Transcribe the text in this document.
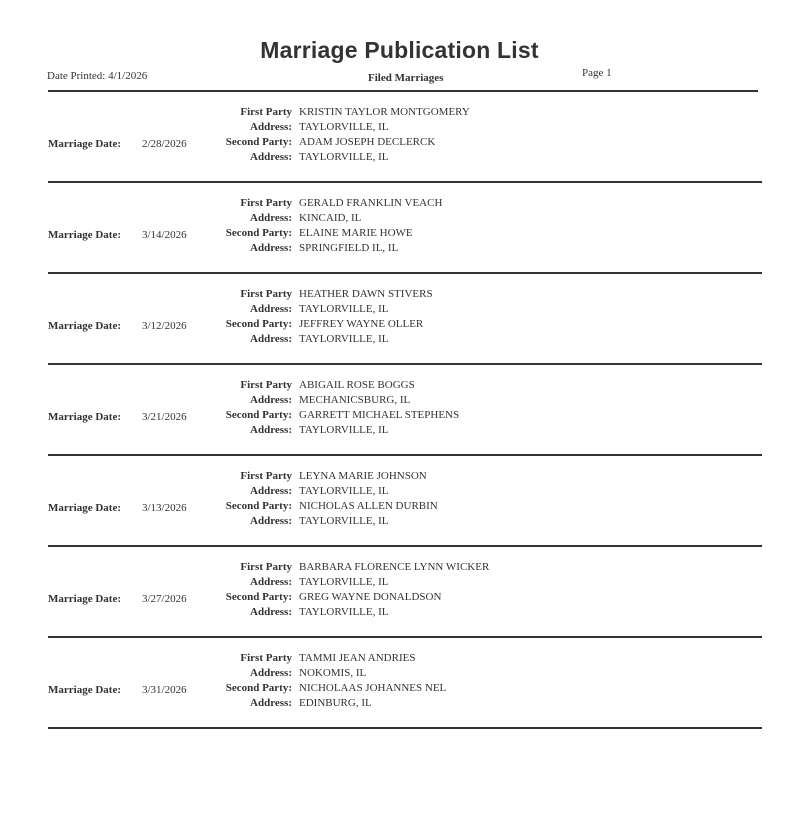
Marriage Publication List
Date Printed: 4/1/2026	Filed Marriages	Page 1
Marriage Date: 2/28/2026
First Party KRISTIN TAYLOR MONTGOMERY
Address: TAYLORVILLE, IL
Second Party: ADAM JOSEPH DECLERCK
Address: TAYLORVILLE, IL
Marriage Date: 3/14/2026
First Party GERALD FRANKLIN VEACH
Address: KINCAID, IL
Second Party: ELAINE MARIE HOWE
Address: SPRINGFIELD IL, IL
Marriage Date: 3/12/2026
First Party HEATHER DAWN STIVERS
Address: TAYLORVILLE, IL
Second Party: JEFFREY WAYNE OLLER
Address: TAYLORVILLE, IL
Marriage Date: 3/21/2026
First Party ABIGAIL ROSE BOGGS
Address: MECHANICSBURG, IL
Second Party: GARRETT MICHAEL STEPHENS
Address: TAYLORVILLE, IL
Marriage Date: 3/13/2026
First Party LEYNA MARIE JOHNSON
Address: TAYLORVILLE, IL
Second Party: NICHOLAS ALLEN DURBIN
Address: TAYLORVILLE, IL
Marriage Date: 3/27/2026
First Party BARBARA FLORENCE LYNN WICKER
Address: TAYLORVILLE, IL
Second Party: GREG WAYNE DONALDSON
Address: TAYLORVILLE, IL
Marriage Date: 3/31/2026
First Party TAMMI JEAN ANDRIES
Address: NOKOMIS, IL
Second Party: NICHOLAAS JOHANNES NEL
Address: EDINBURG, IL
